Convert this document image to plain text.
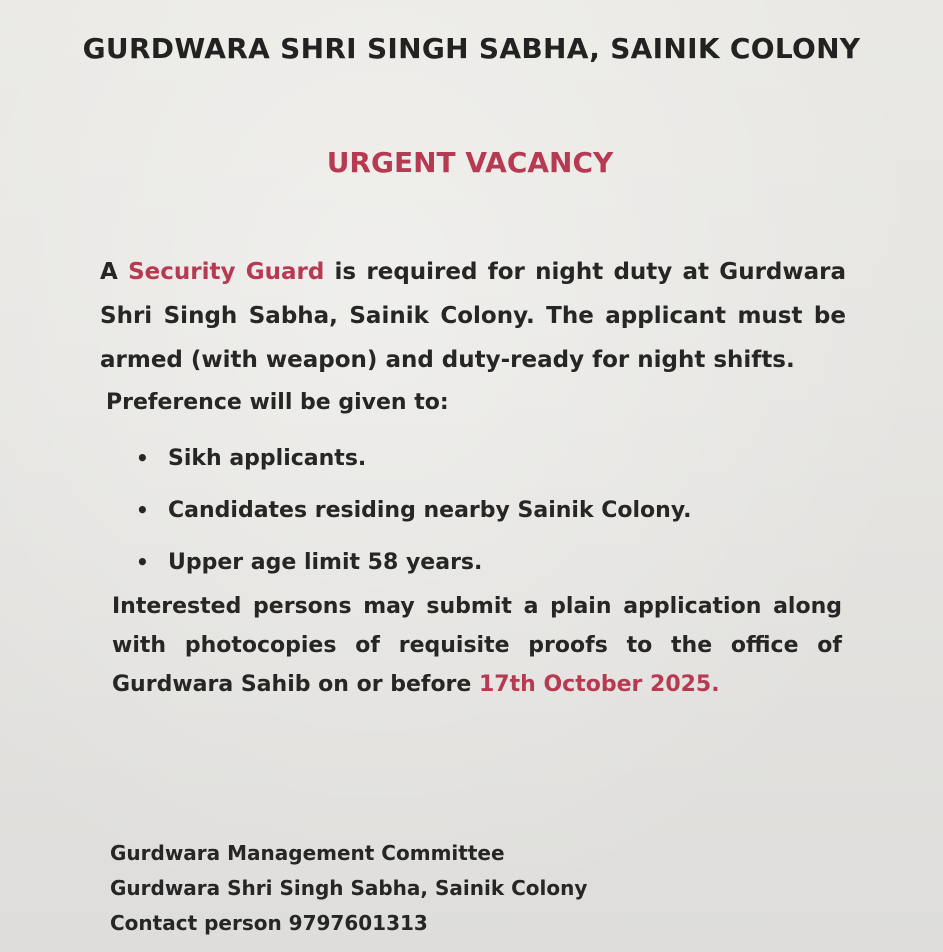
GURDWARA SHRI SINGH SABHA, SAINIK COLONY
URGENT VACANCY
A Security Guard is required for night duty at Gurdwara Shri Singh Sabha, Sainik Colony. The applicant must be armed (with weapon) and duty-ready for night shifts.
Preference will be given to:
• Sikh applicants.
• Candidates residing nearby Sainik Colony.
• Upper age limit 58 years.
Interested persons may submit a plain application along with photocopies of requisite proofs to the office of Gurdwara Sahib on or before 17th October 2025.
Gurdwara Management Committee
Gurdwara Shri Singh Sabha, Sainik Colony
Contact person 9797601313
